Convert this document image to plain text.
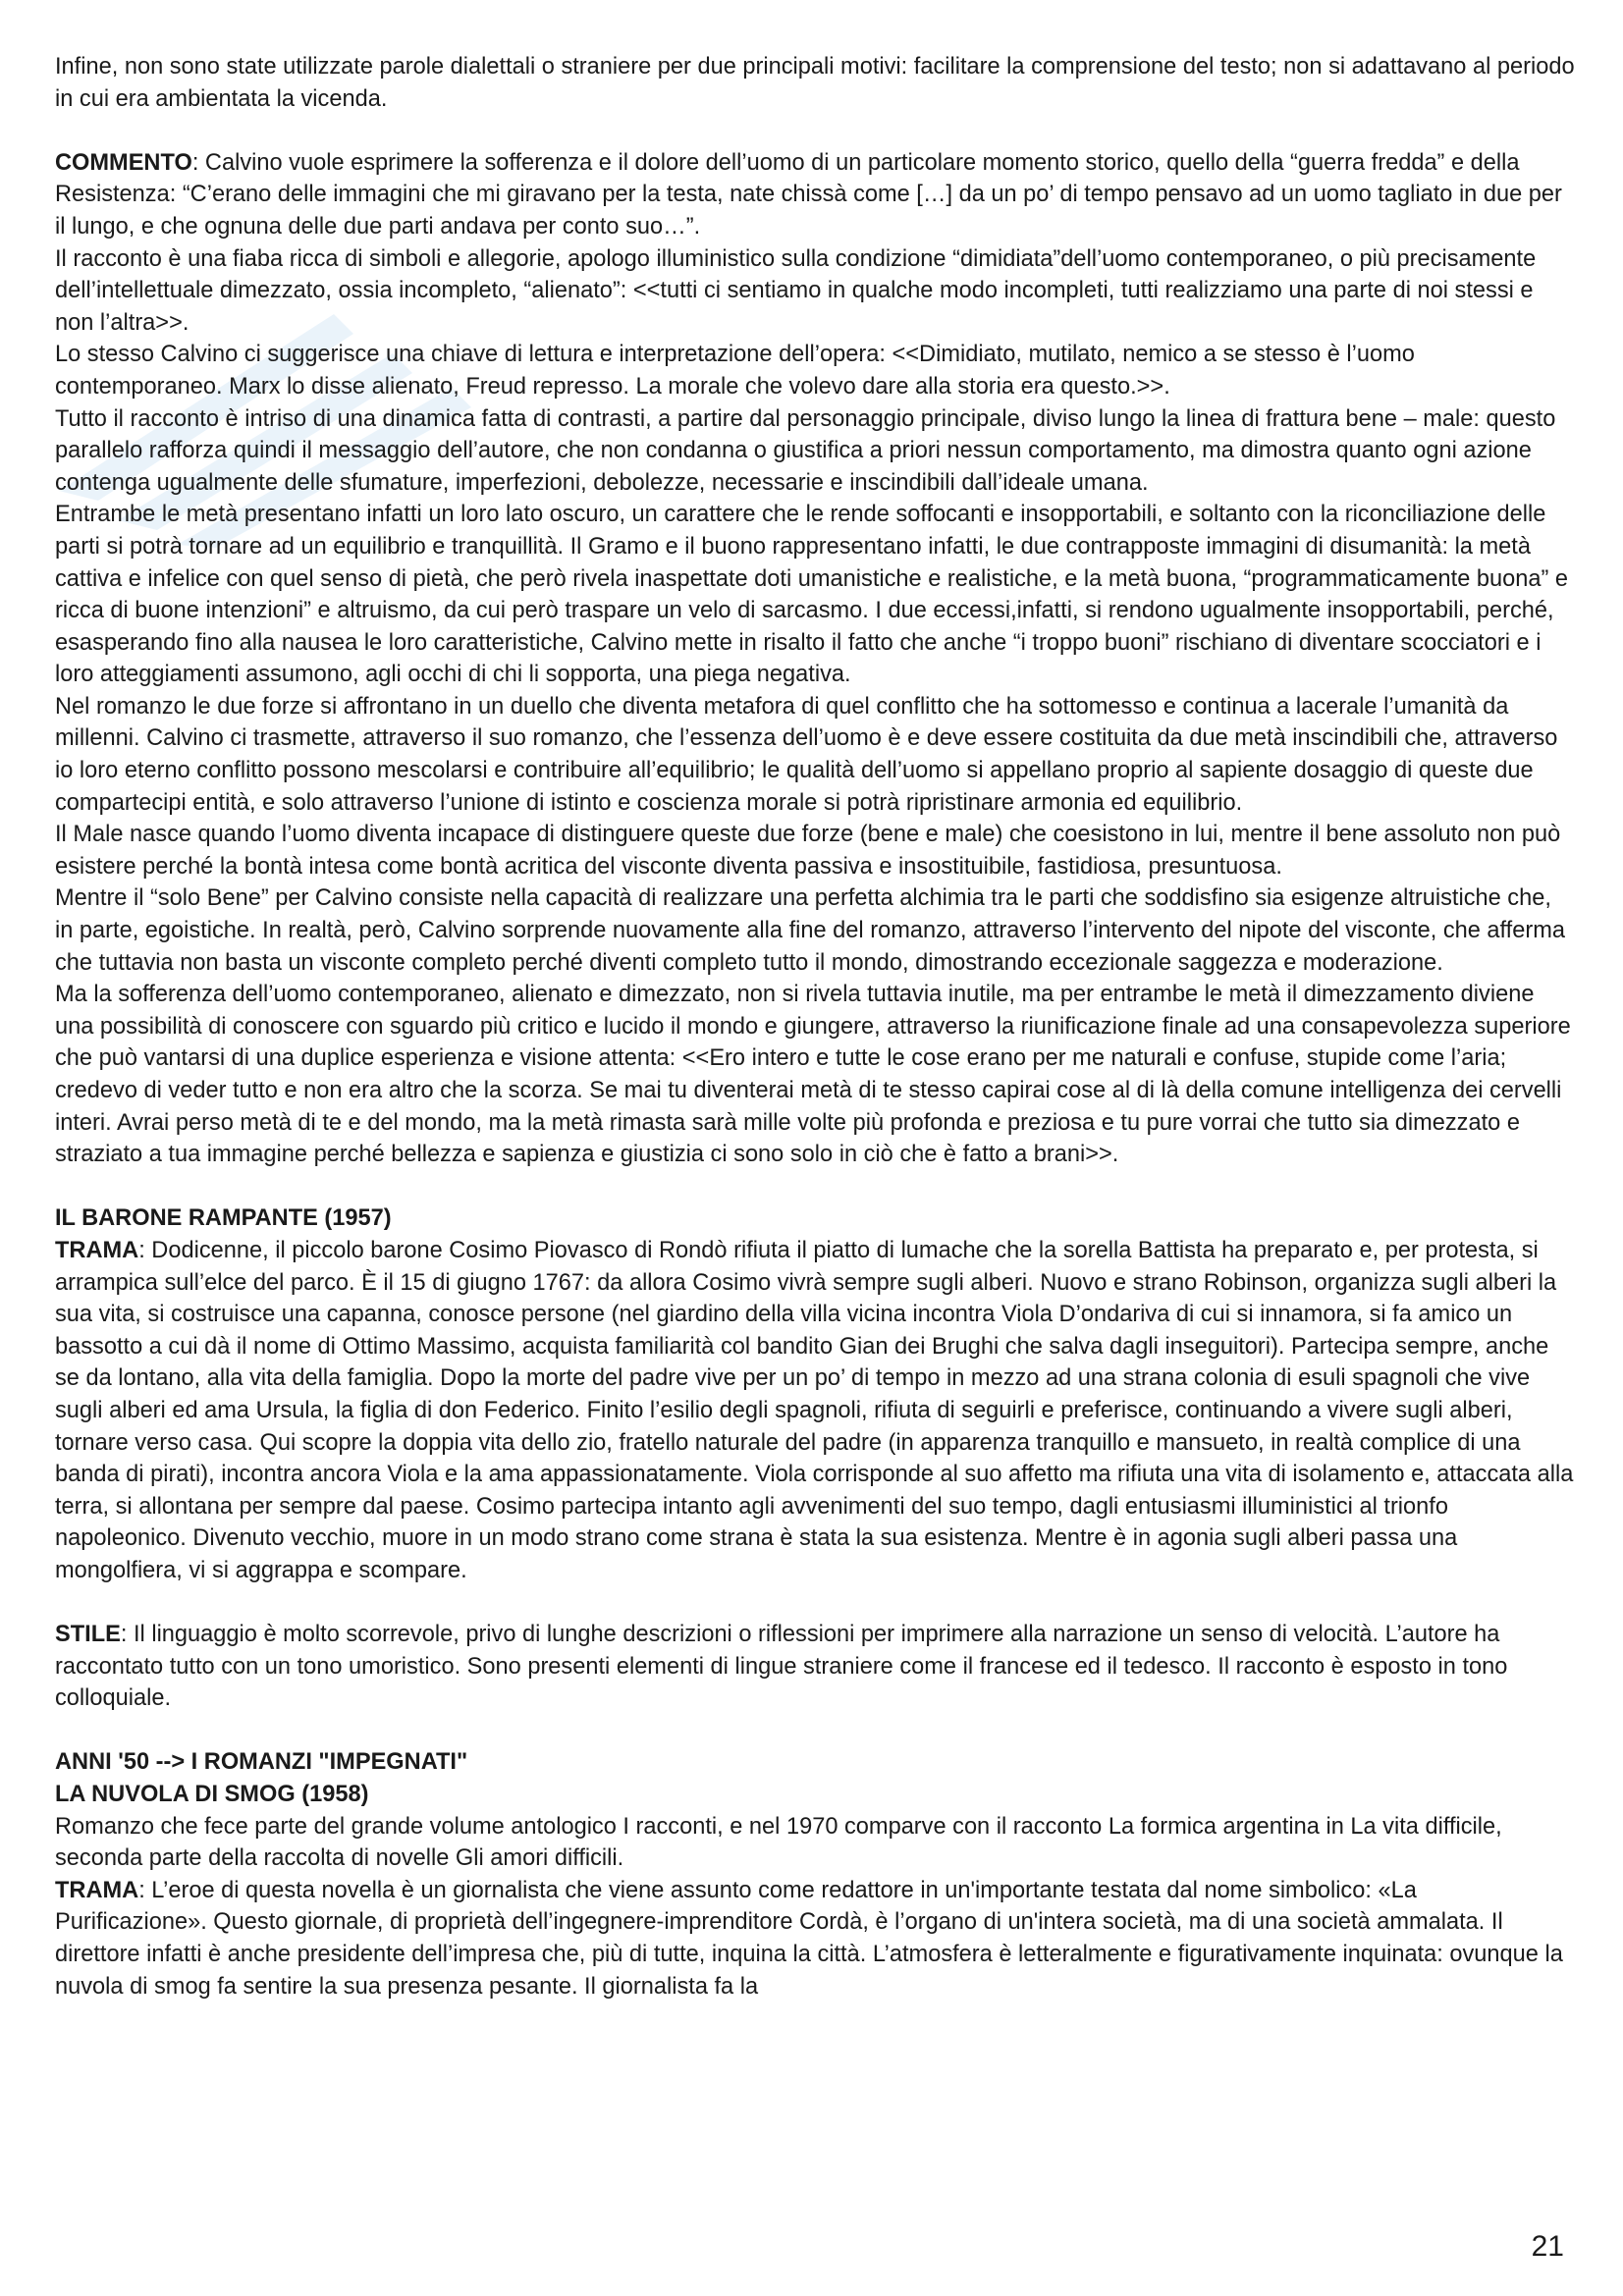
Infine, non sono state utilizzate parole dialettali o straniere per due principali motivi: facilitare la comprensione del testo; non si adattavano al periodo in cui era ambientata la vicenda.

COMMENTO: Calvino vuole esprimere la sofferenza e il dolore dell’uomo di un particolare momento storico, quello della “guerra fredda” e della Resistenza: “C’erano delle immagini che mi giravano per la testa, nate chissà come […] da un po’ di tempo pensavo ad un uomo tagliato in due per il lungo, e che ognuna delle due parti andava per conto suo…”.

Il racconto è una fiaba ricca di simboli e allegorie, apologo illuministico sulla condizione “dimidiata”dell’uomo contemporaneo, o più precisamente dell’intellettuale dimezzato, ossia incompleto, “alienato”: <<tutti ci sentiamo in qualche modo incompleti, tutti realizziamo una parte di noi stessi e non l’altra>>.

Lo stesso Calvino ci suggerisce una chiave di lettura e interpretazione dell’opera: <<Dimidiato, mutilato, nemico a se stesso è l’uomo contemporaneo. Marx lo disse alienato, Freud represso. La morale che volevo dare alla storia era questo.>>.

Tutto il racconto è intriso di una dinamica fatta di contrasti, a partire dal personaggio principale, diviso lungo la linea di frattura bene – male: questo parallelo rafforza quindi il messaggio dell’autore, che non condanna o giustifica a priori nessun comportamento, ma dimostra quanto ogni azione contenga ugualmente delle sfumature, imperfezioni, debolezze, necessarie e inscindibili dall’ideale umana.

Entrambe le metà presentano infatti un loro lato oscuro, un carattere che le rende soffocanti e insopportabili, e soltanto con la riconciliazione delle parti si potrà tornare ad un equilibrio e tranquillità. Il Gramo e il buono rappresentano infatti, le due contrapposte immagini di disumanità: la metà cattiva e infelice con quel senso di pietà, che però rivela inaspettate doti umanistiche e realistiche, e la metà buona, “programmaticamente buona” e ricca di buone intenzioni” e altruismo, da cui però traspare un velo di sarcasmo. I due eccessi,infatti, si rendono ugualmente insopportabili, perché, esasperando fino alla nausea le loro caratteristiche, Calvino mette in risalto il fatto che anche “i troppo buoni” rischiano di diventare scocciatori e i loro atteggiamenti assumono, agli occhi di chi li sopporta, una piega negativa.

Nel romanzo le due forze si affrontano in un duello che diventa metafora di quel conflitto che ha sottomesso e continua a lacerale l’umanità da millenni. Calvino ci trasmette, attraverso il suo romanzo, che l’essenza dell’uomo è e deve essere costituita da due metà inscindibili che, attraverso io loro eterno conflitto possono mescolarsi e contribuire all’equilibrio; le qualità dell’uomo si appellano proprio al sapiente dosaggio di queste due compartecipi entità, e solo attraverso l’unione di istinto e coscienza morale si potrà ripristinare armonia ed equilibrio.

Il Male nasce quando l’uomo diventa incapace di distinguere queste due forze (bene e male) che coesistono in lui, mentre il bene assoluto non può esistere perché la bontà intesa come bontà acritica del visconte diventa passiva e insostituibile, fastidiosa, presuntuosa.

Mentre il “solo Bene” per Calvino consiste nella capacità di realizzare una perfetta alchimia tra le parti che soddisfino sia esigenze altruistiche che, in parte, egoistiche. In realtà, però, Calvino sorprende nuovamente alla fine del romanzo, attraverso l’intervento del nipote del visconte, che afferma che tuttavia non basta un visconte completo perché diventi completo tutto il mondo, dimostrando eccezionale saggezza e moderazione.

Ma la sofferenza dell’uomo contemporaneo, alienato e dimezzato, non si rivela tuttavia inutile, ma per entrambe le metà il dimezzamento diviene una possibilità di conoscere con sguardo più critico e lucido il mondo e giungere, attraverso la riunificazione finale ad una consapevolezza superiore che può vantarsi di una duplice esperienza e visione attenta: <<Ero intero e tutte le cose erano per me naturali e confuse, stupide come l’aria; credevo di veder tutto e non era altro che la scorza. Se mai tu diventerai metà di te stesso capirai cose al di là della comune intelligenza dei cervelli interi. Avrai perso metà di te e del mondo, ma la metà rimasta sarà mille volte più profonda e preziosa e tu pure vorrai che tutto sia dimezzato e straziato a tua immagine perché bellezza e sapienza e giustizia ci sono solo in ciò che è fatto a brani>>.

IL BARONE RAMPANTE (1957)

TRAMA: Dodicenne, il piccolo barone Cosimo Piovasco di Rondò rifiuta il piatto di lumache che la sorella Battista ha preparato e, per protesta, si arrampica sull’elce del parco. È il 15 di giugno 1767: da allora Cosimo vivrà sempre sugli alberi. Nuovo e strano Robinson, organizza sugli alberi la sua vita, si costruisce una capanna, conosce persone (nel giardino della villa vicina incontra Viola D’ondariva di cui si innamora, si fa amico un bassotto a cui dà il nome di Ottimo Massimo, acquista familiarità col bandito Gian dei Brughi che salva dagli inseguitori). Partecipa sempre, anche se da lontano, alla vita della famiglia. Dopo la morte del padre vive per un po’ di tempo in mezzo ad una strana colonia di esuli spagnoli che vive sugli alberi ed ama Ursula, la figlia di don Federico. Finito l’esilio degli spagnoli, rifiuta di seguirli e preferisce, continuando a vivere sugli alberi, tornare verso casa. Qui scopre la doppia vita dello zio, fratello naturale del padre (in apparenza tranquillo e mansueto, in realtà complice di una banda di pirati), incontra ancora Viola e la ama appassionatamente. Viola corrisponde al suo affetto ma rifiuta una vita di isolamento e, attaccata alla terra, si allontana per sempre dal paese. Cosimo partecipa intanto agli avvenimenti del suo tempo, dagli entusiasmi illuministici al trionfo napoleonico. Divenuto vecchio, muore in un modo strano come strana è stata la sua esistenza. Mentre è in agonia sugli alberi passa una mongolfiera, vi si aggrappa e scompare.

STILE: Il linguaggio è molto scorrevole, privo di lunghe descrizioni o riflessioni per imprimere alla narrazione un senso di velocità. L’autore ha raccontato tutto con un tono umoristico. Sono presenti elementi di lingue straniere come il francese ed il tedesco. Il racconto è esposto in tono colloquiale.

ANNI '50 --> I ROMANZI "IMPEGNATI"

LA NUVOLA DI SMOG (1958)

Romanzo che fece parte del grande volume antologico I racconti, e nel 1970 comparve con il racconto La formica argentina in La vita difficile, seconda parte della raccolta di novelle Gli amori difficili.

TRAMA: L’eroe di questa novella è un giornalista che viene assunto come redattore in un'importante testata dal nome simbolico: «La Purificazione». Questo giornale, di proprietà dell’ingegnere-imprenditore Cordà, è l’organo di un'intera società, ma di una società ammalata. Il direttore infatti è anche presidente dell’impresa che, più di tutte, inquina la città. L’atmosfera è letteralmente e figurativamente inquinata: ovunque la nuvola di smog fa sentire la sua presenza pesante. Il giornalista fa la

21
